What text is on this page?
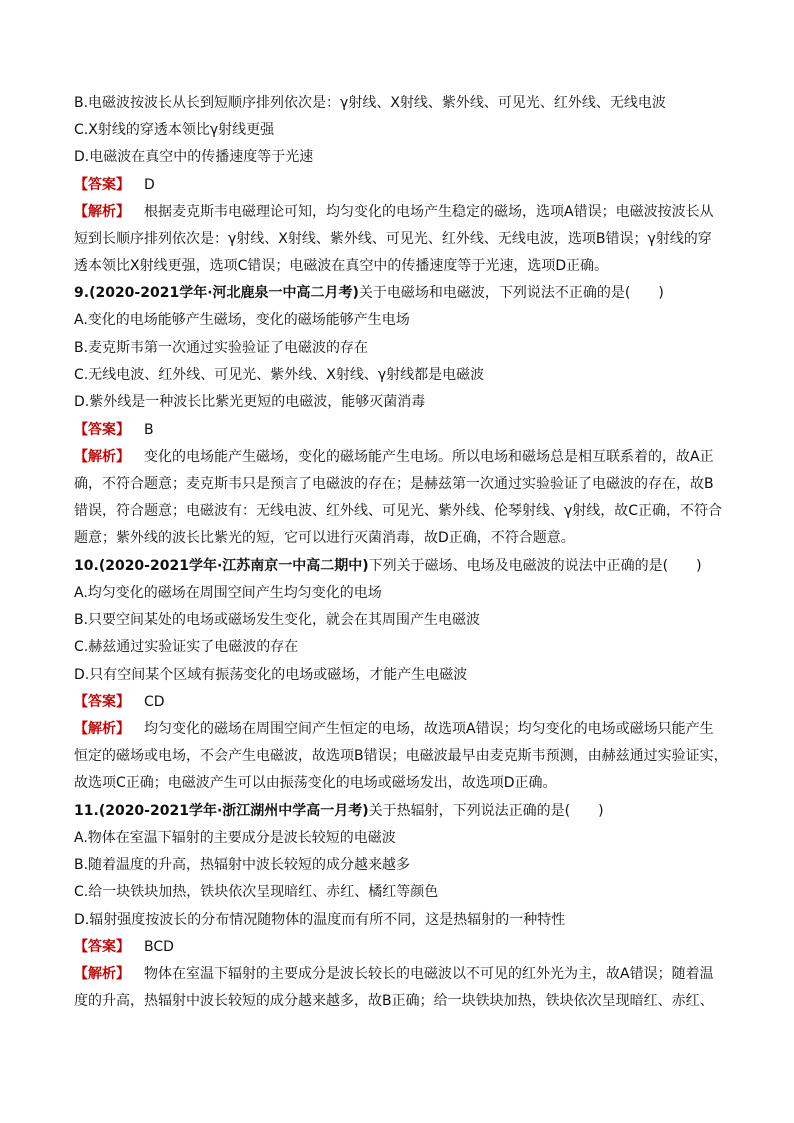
B.电磁波按波长从长到短顺序排列依次是：γ射线、X射线、紫外线、可见光、红外线、无线电波
C.X射线的穿透本领比γ射线更强
D.电磁波在真空中的传播速度等于光速
【答案】 D
【解析】 根据麦克斯韦电磁理论可知，均匀变化的电场产生稳定的磁场，选项A错误；电磁波按波长从
短到长顺序排列依次是：γ射线、X射线、紫外线、可见光、红外线、无线电波，选项B错误；γ射线的穿
透本领比X射线更强，选项C错误；电磁波在真空中的传播速度等于光速，选项D正确。
9.(2020-2021学年·河北鹿泉一中高二月考)关于电磁场和电磁波，下列说法不正确的是(　　)
A.变化的电场能够产生磁场，变化的磁场能够产生电场
B.麦克斯韦第一次通过实验验证了电磁波的存在
C.无线电波、红外线、可见光、紫外线、X射线、γ射线都是电磁波
D.紫外线是一种波长比紫光更短的电磁波，能够灭菌消毒
【答案】 B
【解析】 变化的电场能产生磁场，变化的磁场能产生电场。所以电场和磁场总是相互联系着的，故A正
确，不符合题意；麦克斯韦只是预言了电磁波的存在；是赫兹第一次通过实验验证了电磁波的存在，故B
错误，符合题意；电磁波有：无线电波、红外线、可见光、紫外线、伦琴射线、γ射线，故C正确，不符合
题意；紫外线的波长比紫光的短，它可以进行灭菌消毒，故D正确，不符合题意。
10.(2020-2021学年·江苏南京一中高二期中)下列关于磁场、电场及电磁波的说法中正确的是(　　)
A.均匀变化的磁场在周围空间产生均匀变化的电场
B.只要空间某处的电场或磁场发生变化，就会在其周围产生电磁波
C.赫兹通过实验证实了电磁波的存在
D.只有空间某个区域有振荡变化的电场或磁场，才能产生电磁波
【答案】 CD
【解析】 均匀变化的磁场在周围空间产生恒定的电场，故选项A错误；均匀变化的电场或磁场只能产生
恒定的磁场或电场，不会产生电磁波，故选项B错误；电磁波最早由麦克斯韦预测，由赫兹通过实验证实，
故选项C正确；电磁波产生可以由振荡变化的电场或磁场发出，故选项D正确。
11.(2020-2021学年·浙江湖州中学高一月考)关于热辐射，下列说法正确的是(　　)
A.物体在室温下辐射的主要成分是波长较短的电磁波
B.随着温度的升高，热辐射中波长较短的成分越来越多
C.给一块铁块加热，铁块依次呈现暗红、赤红、橘红等颜色
D.辐射强度按波长的分布情况随物体的温度而有所不同，这是热辐射的一种特性
【答案】 BCD
【解析】 物体在室温下辐射的主要成分是波长较长的电磁波以不可见的红外光为主，故A错误；随着温
度的升高，热辐射中波长较短的成分越来越多，故B正确；给一块铁块加热，铁块依次呈现暗红、赤红、
